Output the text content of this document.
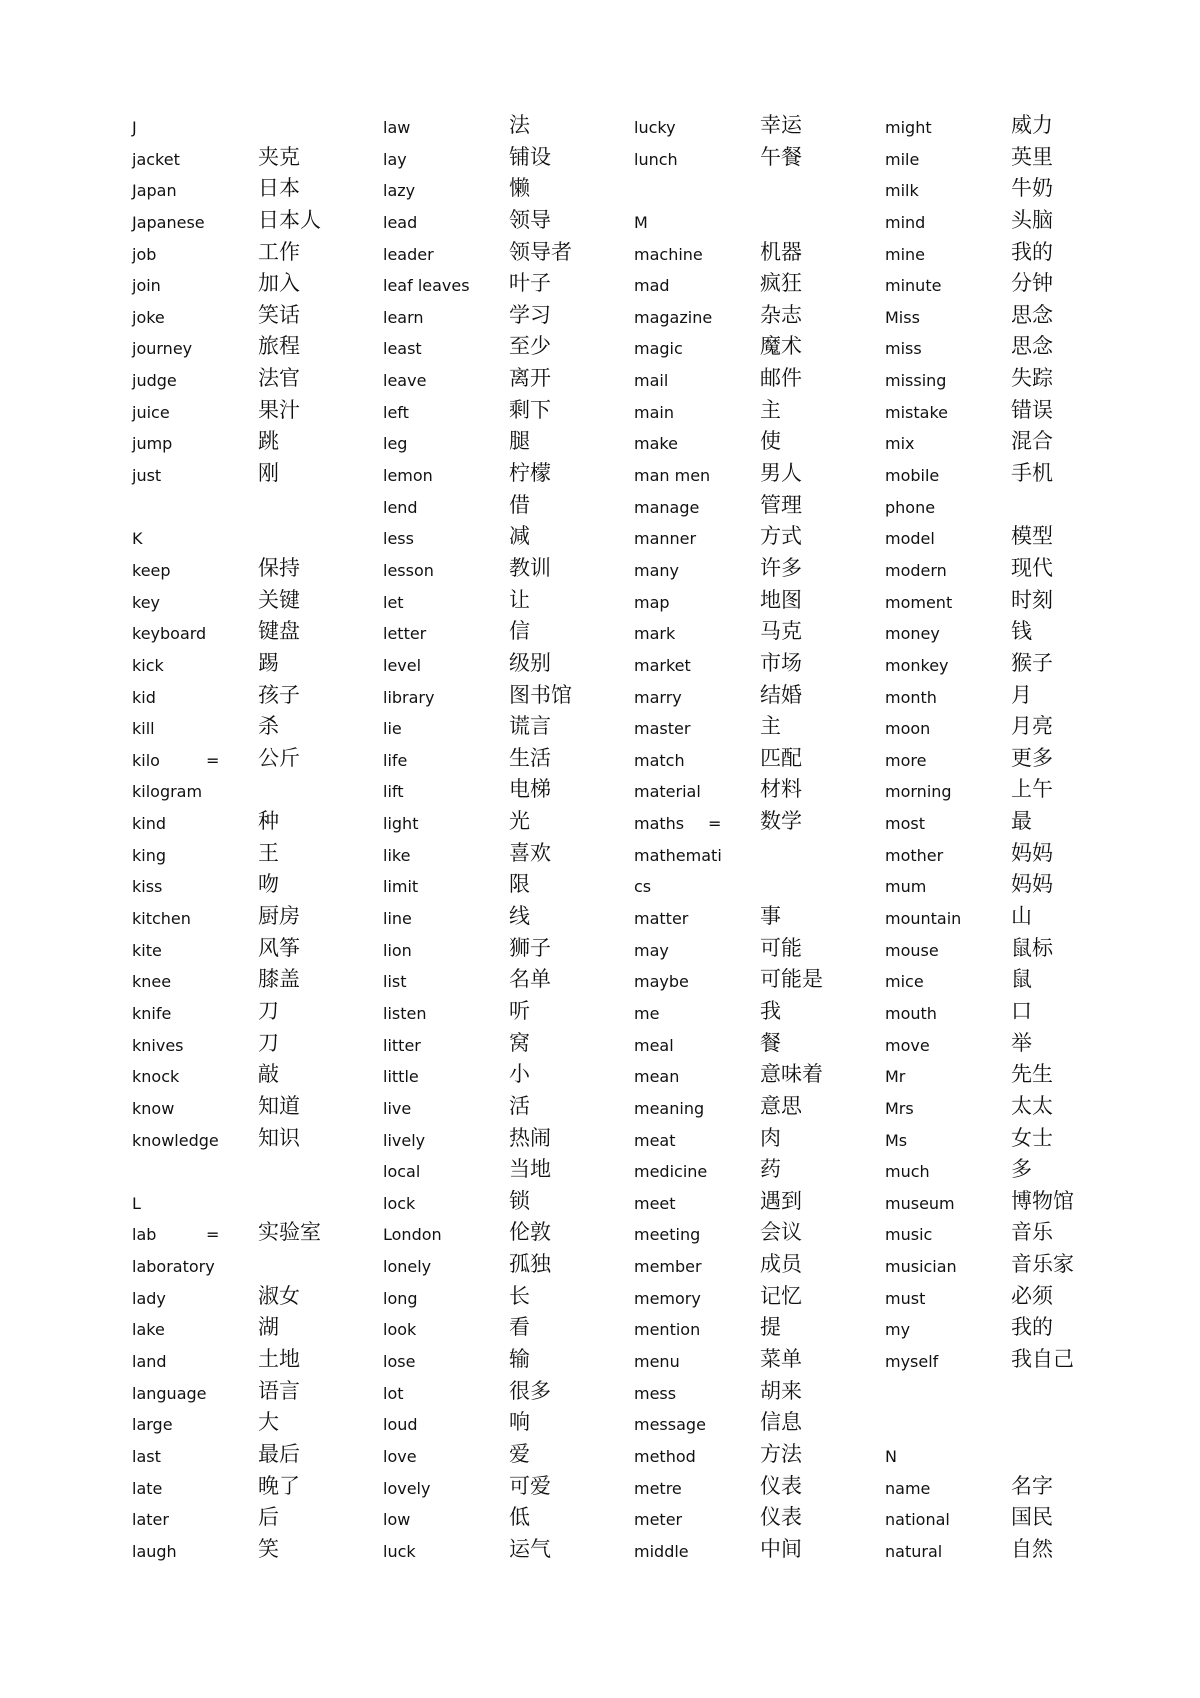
J
jacket	夹克
Japan	日本
Japanese	日本人
job	工作
join	加入
joke	笑话
journey	旅程
judge	法官
juice	果汁
jump	跳
just	刚
K
keep	保持
key	关键
keyboard 键盘
kick	踢
kid	孩子
kill	杀
kilo	= 公斤
kilogram
kind	种
king	王
kiss	吻
kitchen	厨房
kite	风筝
knee	膝盖
knife	刀
knives	刀
knock	敲
know	知道
knowledge 知识
L
lab	= 实验室
laboratory
lady	淑女
lake	湖
land	土地
language 语言
large	大
last	最后
late	晚了
later	后
laugh	笑
law	法
lay	铺设
lazy	懒
lead	领导
leader	领导者
leaf leaves 叶子
learn	学习
least	至少
leave	离开
left	剩下
leg	腿
lemon	柠檬
lend	借
less	减
lesson	教训
let	让
letter	信
level	级别
library	图书馆
lie	谎言
life	生活
lift	电梯
light	光
like	喜欢
limit	限
line	线
lion	狮子
list	名单
listen	听
litter	窝
little	小
live	活
lively	热闹
local	当地
lock	锁
London	伦敦
lonely	孤独
long	长
look	看
lose	输
lot	很多
loud	响
love	爱
lovely	可爱
low	低
luck	运气
lucky	幸运
lunch	午餐
M
machine	机器
mad	疯狂
magazine 杂志
magic	魔术
mail	邮件
main	主
make	使
man men 男人
manage	管理
manner	方式
many	许多
map	地图
mark	马克
market	市场
marry	结婚
master	主
match	匹配
material	材料
maths = 数学
mathemati
cs
matter	事
may	可能
maybe	可能是
me	我
meal	餐
mean	意味着
meaning	意思
meat	肉
medicine	药
meet	遇到
meeting	会议
member	成员
memory	记忆
mention	提
menu	菜单
mess	胡来
message	信息
method	方法
metre	仪表
meter	仪表
middle	中间
might	威力
mile	英里
milk	牛奶
mind	头脑
mine	我的
minute	分钟
Miss	思念
miss	思念
missing	失踪
mistake	错误
mix	混合
mobile	手机
phone
model	模型
modern	现代
moment	时刻
money	钱
monkey	猴子
month	月
moon	月亮
more	更多
morning	上午
most	最
mother	妈妈
mum	妈妈
mountain 山
mouse	鼠标
mice	鼠
mouth	口
move	举
Mr	先生
Mrs	太太
Ms	女士
much	多
museum	博物馆
music	音乐
musician	音乐家
must	必须
my	我的
myself	我自己
N
name	名字
national	国民
natural	自然
